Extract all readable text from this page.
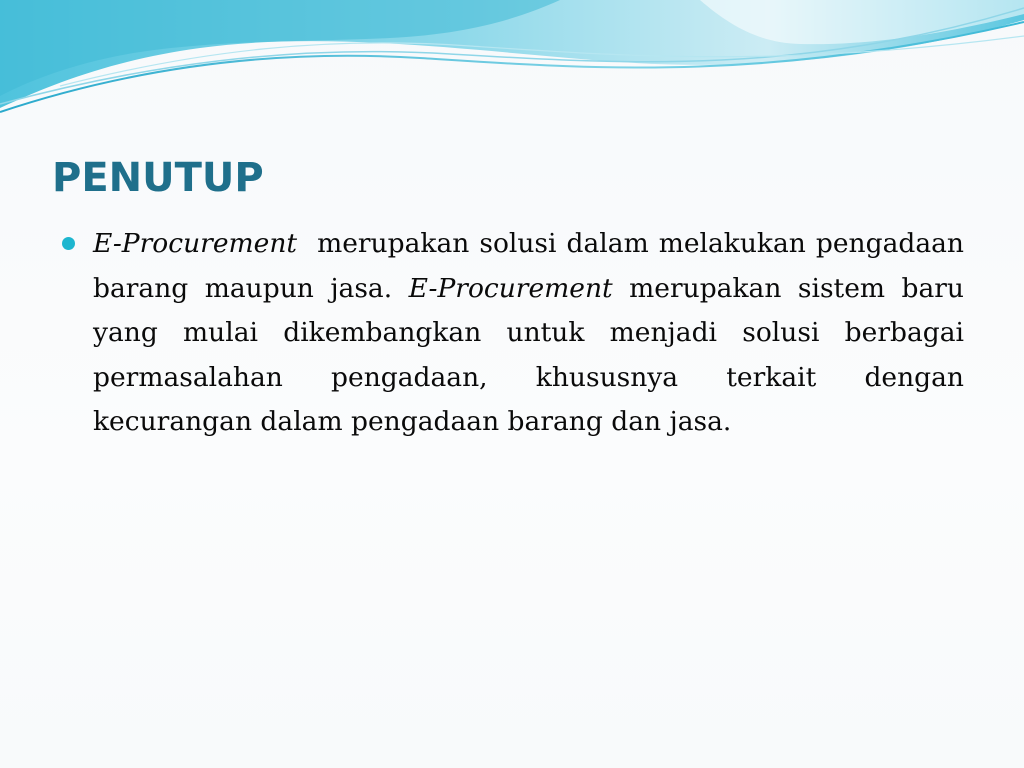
PENUTUP

E-Procurement  merupakan solusi dalam melakukan pengadaan barang maupun jasa. E-Procurement merupakan sistem baru yang mulai dikembangkan untuk menjadi solusi berbagai permasalahan pengadaan, khususnya terkait dengan kecurangan dalam pengadaan barang dan jasa.
